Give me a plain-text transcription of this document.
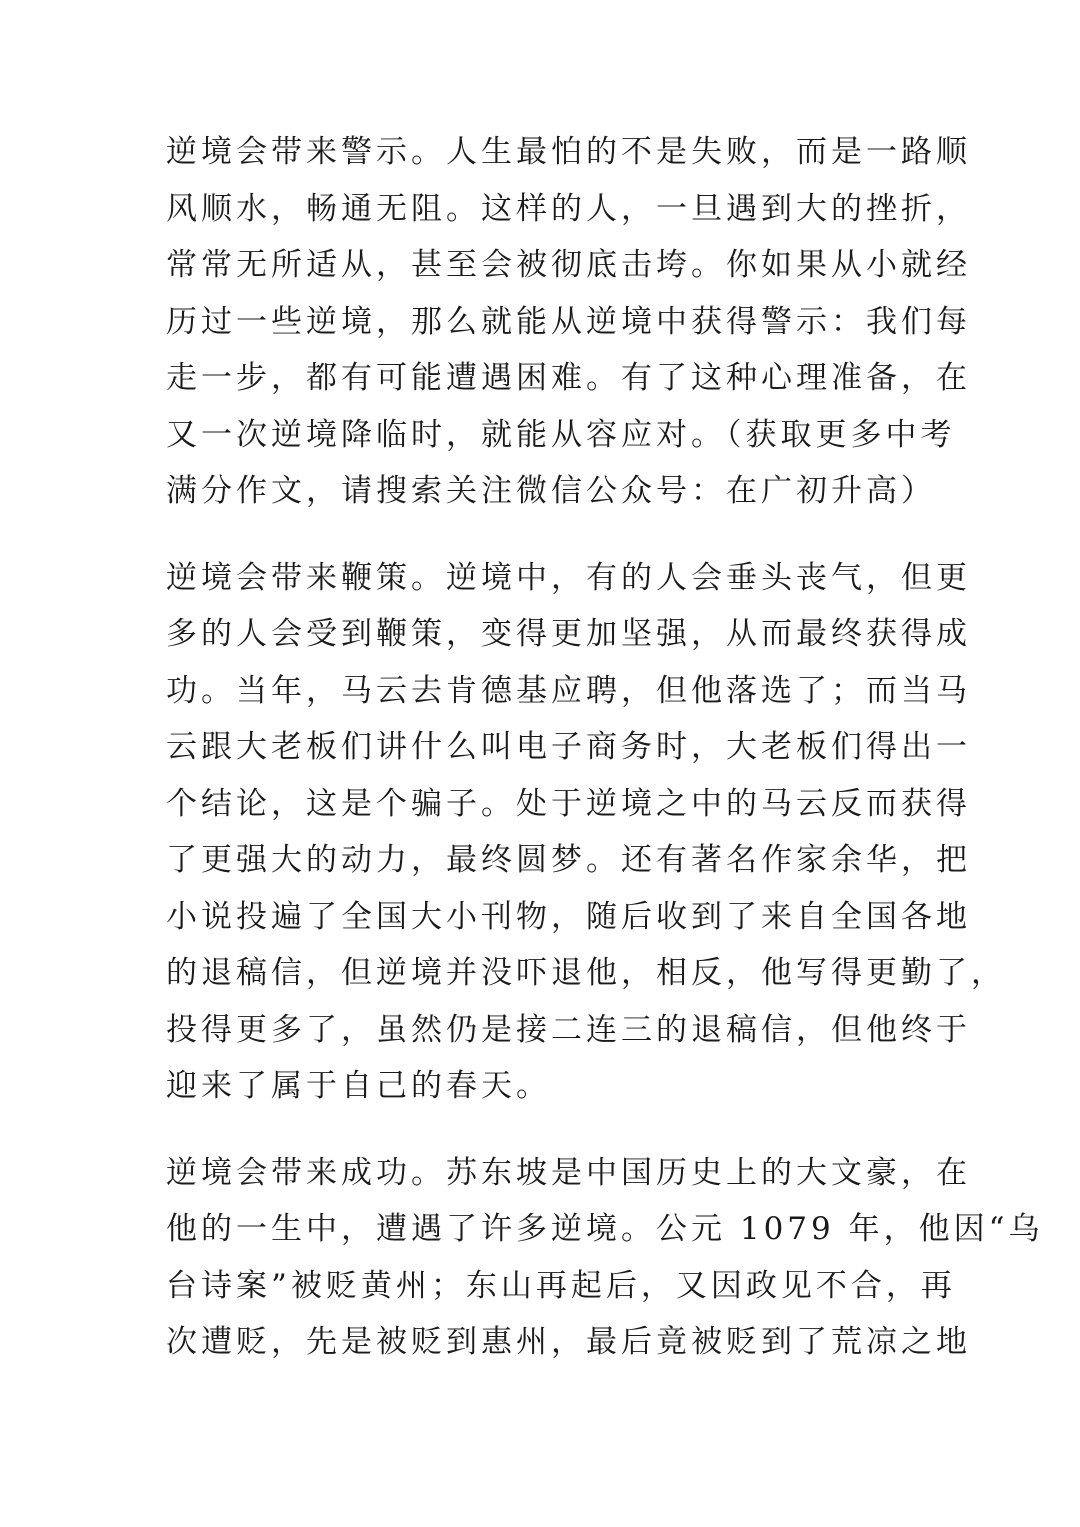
逆境会带来警示。人生最怕的不是失败，而是一路顺
风顺水，畅通无阻。这样的人，一旦遇到大的挫折，
常常无所适从，甚至会被彻底击垮。你如果从小就经
历过一些逆境，那么就能从逆境中获得警示：我们每
走一步，都有可能遭遇困难。有了这种心理准备，在
又一次逆境降临时，就能从容应对。（获取更多中考
满分作文，请搜索关注微信公众号：在广初升高）

逆境会带来鞭策。逆境中，有的人会垂头丧气，但更
多的人会受到鞭策，变得更加坚强，从而最终获得成
功。当年，马云去肯德基应聘，但他落选了；而当马
云跟大老板们讲什么叫电子商务时，大老板们得出一
个结论，这是个骗子。处于逆境之中的马云反而获得
了更强大的动力，最终圆梦。还有著名作家余华，把
小说投遍了全国大小刊物，随后收到了来自全国各地
的退稿信，但逆境并没吓退他，相反，他写得更勤了，
投得更多了，虽然仍是接二连三的退稿信，但他终于
迎来了属于自己的春天。

逆境会带来成功。苏东坡是中国历史上的大文豪，在
他的一生中，遭遇了许多逆境。公元 1079 年，他因“乌
台诗案”被贬黄州；东山再起后，又因政见不合，再
次遭贬，先是被贬到惠州，最后竟被贬到了荒凉之地
